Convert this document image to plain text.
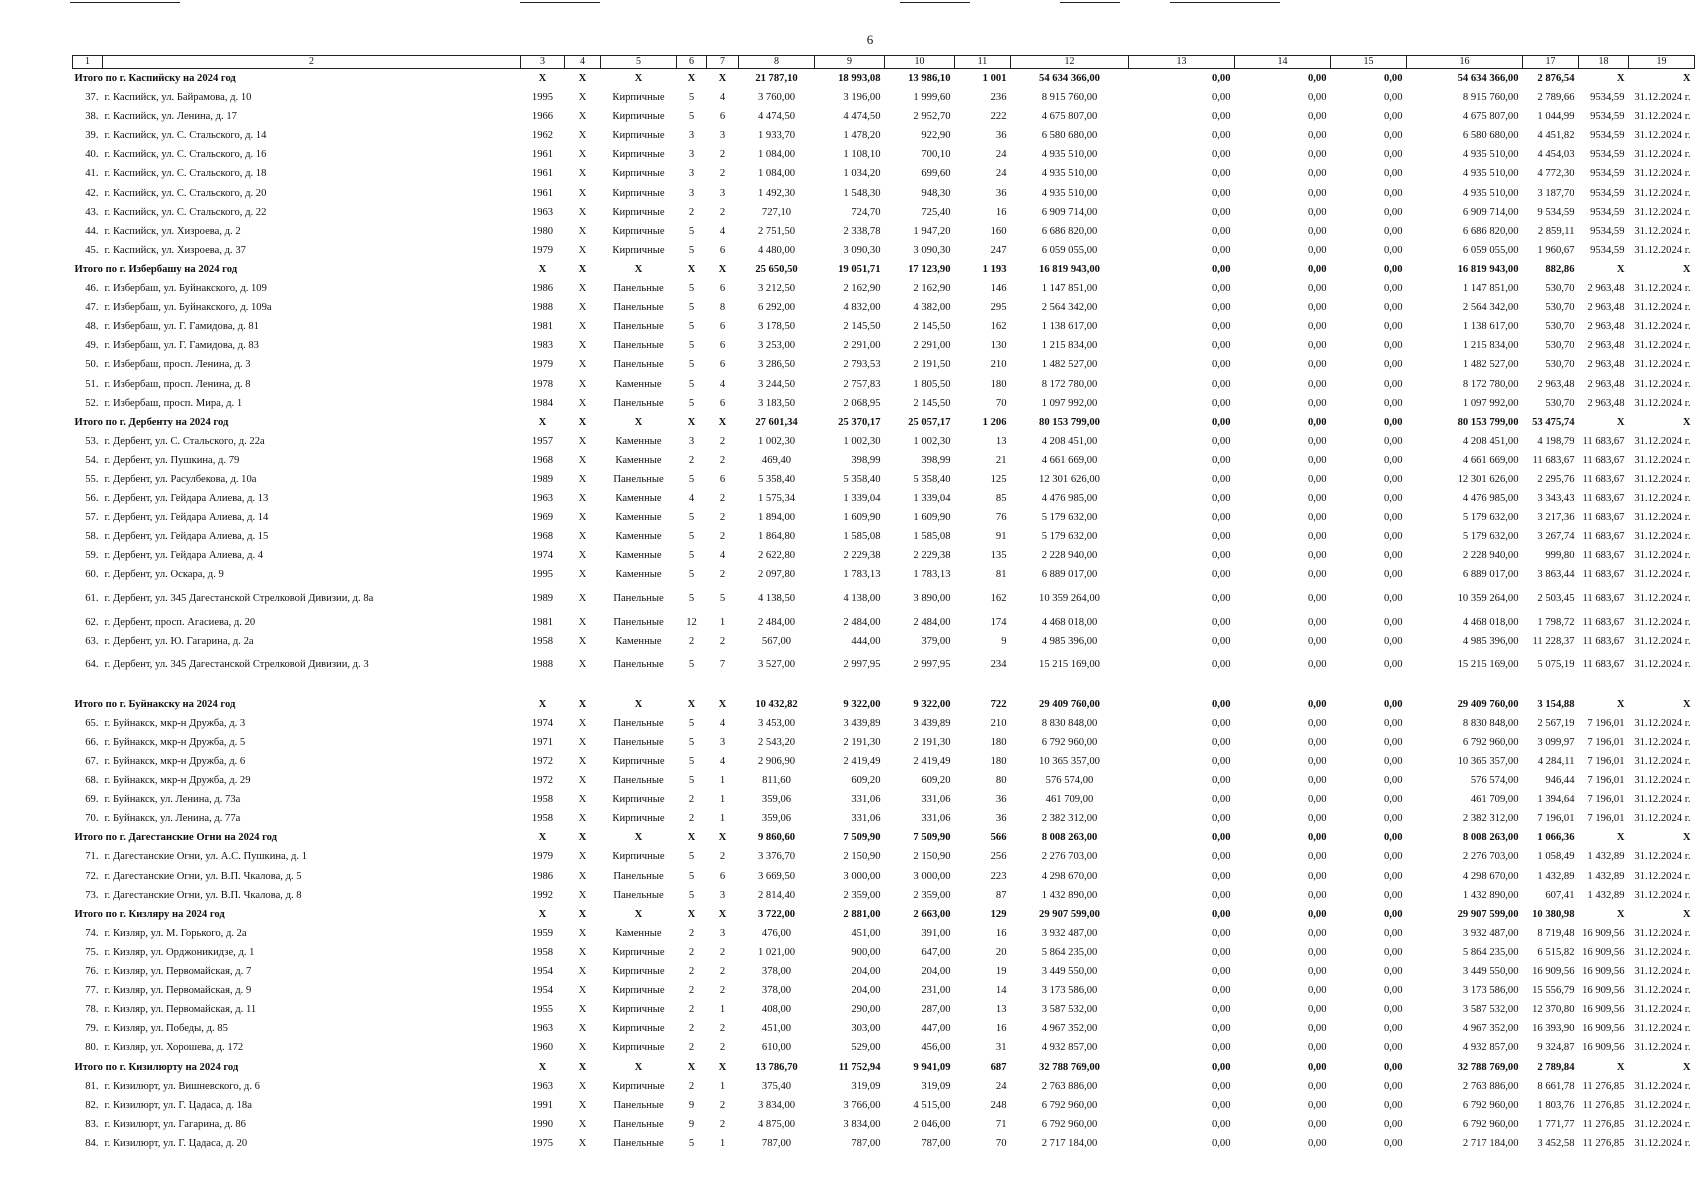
6
1	2	3	4	5	6	7	8	9	10	11	12	13	14	15	16	17	18	19
Итого по г. Каспийску на 2024 год		X	X	X	X	X	21 787,10	18 993,08	13 986,10	1 001	54 634 366,00	0,00	0,00	0,00	54 634 366,00	2 876,54	X	X
37.	г. Каспийск, ул. Байрамова, д. 10	1995	X	Кирпичные	5	4	3 760,00	3 196,00	1 999,60	236	8 915 760,00	0,00	0,00	0,00	8 915 760,00	2 789,66	9534,59	31.12.2024 г.
38.	г. Каспийск, ул. Ленина, д. 17	1966	X	Кирпичные	5	6	4 474,50	4 474,50	2 952,70	222	4 675 807,00	0,00	0,00	0,00	4 675 807,00	1 044,99	9534,59	31.12.2024 г.
39.	г. Каспийск, ул. С. Стальского, д. 14	1962	X	Кирпичные	3	3	1 933,70	1 478,20	922,90	36	6 580 680,00	0,00	0,00	0,00	6 580 680,00	4 451,82	9534,59	31.12.2024 г.
40.	г. Каспийск, ул. С. Стальского, д. 16	1961	X	Кирпичные	3	2	1 084,00	1 108,10	700,10	24	4 935 510,00	0,00	0,00	0,00	4 935 510,00	4 454,03	9534,59	31.12.2024 г.
41.	г. Каспийск, ул. С. Стальского, д. 18	1961	X	Кирпичные	3	2	1 084,00	1 034,20	699,60	24	4 935 510,00	0,00	0,00	0,00	4 935 510,00	4 772,30	9534,59	31.12.2024 г.
42.	г. Каспийск, ул. С. Стальского, д. 20	1961	X	Кирпичные	3	3	1 492,30	1 548,30	948,30	36	4 935 510,00	0,00	0,00	0,00	4 935 510,00	3 187,70	9534,59	31.12.2024 г.
43.	г. Каспийск, ул. С. Стальского, д. 22	1963	X	Кирпичные	2	2	727,10	724,70	725,40	16	6 909 714,00	0,00	0,00	0,00	6 909 714,00	9 534,59	9534,59	31.12.2024 г.
44.	г. Каспийск, ул. Хизроева, д. 2	1980	X	Кирпичные	5	4	2 751,50	2 338,78	1 947,20	160	6 686 820,00	0,00	0,00	0,00	6 686 820,00	2 859,11	9534,59	31.12.2024 г.
45.	г. Каспийск, ул. Хизроева, д. 37	1979	X	Кирпичные	5	6	4 480,00	3 090,30	3 090,30	247	6 059 055,00	0,00	0,00	0,00	6 059 055,00	1 960,67	9534,59	31.12.2024 г.
Итого по г. Избербашу на 2024 год		X	X	X	X	X	25 650,50	19 051,71	17 123,90	1 193	16 819 943,00	0,00	0,00	0,00	16 819 943,00	882,86	X	X
46.	г. Избербаш, ул. Буйнакского, д. 109	1986	X	Панельные	5	6	3 212,50	2 162,90	2 162,90	146	1 147 851,00	0,00	0,00	0,00	1 147 851,00	530,70	2 963,48	31.12.2024 г.
47.	г. Избербаш, ул. Буйнакского, д. 109а	1988	X	Панельные	5	8	6 292,00	4 832,00	4 382,00	295	2 564 342,00	0,00	0,00	0,00	2 564 342,00	530,70	2 963,48	31.12.2024 г.
48.	г. Избербаш, ул. Г. Гамидова, д. 81	1981	X	Панельные	5	6	3 178,50	2 145,50	2 145,50	162	1 138 617,00	0,00	0,00	0,00	1 138 617,00	530,70	2 963,48	31.12.2024 г.
49.	г. Избербаш, ул. Г. Гамидова, д. 83	1983	X	Панельные	5	6	3 253,00	2 291,00	2 291,00	130	1 215 834,00	0,00	0,00	0,00	1 215 834,00	530,70	2 963,48	31.12.2024 г.
50.	г. Избербаш, просп. Ленина, д. 3	1979	X	Панельные	5	6	3 286,50	2 793,53	2 191,50	210	1 482 527,00	0,00	0,00	0,00	1 482 527,00	530,70	2 963,48	31.12.2024 г.
51.	г. Избербаш, просп. Ленина, д. 8	1978	X	Каменные	5	4	3 244,50	2 757,83	1 805,50	180	8 172 780,00	0,00	0,00	0,00	8 172 780,00	2 963,48	2 963,48	31.12.2024 г.
52.	г. Избербаш, просп. Мира, д. 1	1984	X	Панельные	5	6	3 183,50	2 068,95	2 145,50	70	1 097 992,00	0,00	0,00	0,00	1 097 992,00	530,70	2 963,48	31.12.2024 г.
Итого по г. Дербенту на 2024 год		X	X	X	X	X	27 601,34	25 370,17	25 057,17	1 206	80 153 799,00	0,00	0,00	0,00	80 153 799,00	53 475,74	X	X
53.	г. Дербент, ул. С. Стальского, д. 22а	1957	X	Каменные	3	2	1 002,30	1 002,30	1 002,30	13	4 208 451,00	0,00	0,00	0,00	4 208 451,00	4 198,79	11 683,67	31.12.2024 г.
54.	г. Дербент, ул. Пушкина, д. 79	1968	X	Каменные	2	2	469,40	398,99	398,99	21	4 661 669,00	0,00	0,00	0,00	4 661 669,00	11 683,67	11 683,67	31.12.2024 г.
55.	г. Дербент, ул. Расулбекова, д. 10а	1989	X	Панельные	5	6	5 358,40	5 358,40	5 358,40	125	12 301 626,00	0,00	0,00	0,00	12 301 626,00	2 295,76	11 683,67	31.12.2024 г.
56.	г. Дербент, ул. Гейдара Алиева, д. 13	1963	X	Каменные	4	2	1 575,34	1 339,04	1 339,04	85	4 476 985,00	0,00	0,00	0,00	4 476 985,00	3 343,43	11 683,67	31.12.2024 г.
57.	г. Дербент, ул. Гейдара Алиева, д. 14	1969	X	Каменные	5	2	1 894,00	1 609,90	1 609,90	76	5 179 632,00	0,00	0,00	0,00	5 179 632,00	3 217,36	11 683,67	31.12.2024 г.
58.	г. Дербент, ул. Гейдара Алиева, д. 15	1968	X	Каменные	5	2	1 864,80	1 585,08	1 585,08	91	5 179 632,00	0,00	0,00	0,00	5 179 632,00	3 267,74	11 683,67	31.12.2024 г.
59.	г. Дербент, ул. Гейдара Алиева, д. 4	1974	X	Каменные	5	4	2 622,80	2 229,38	2 229,38	135	2 228 940,00	0,00	0,00	0,00	2 228 940,00	999,80	11 683,67	31.12.2024 г.
60.	г. Дербент, ул. Оскара, д. 9	1995	X	Каменные	5	2	2 097,80	1 783,13	1 783,13	81	6 889 017,00	0,00	0,00	0,00	6 889 017,00	3 863,44	11 683,67	31.12.2024 г.
61.	г. Дербент, ул. 345 Дагестанской Стрелковой Дивизии, д. 8а	1989	X	Панельные	5	5	4 138,50	4 138,00	3 890,00	162	10 359 264,00	0,00	0,00	0,00	10 359 264,00	2 503,45	11 683,67	31.12.2024 г.
62.	г. Дербент, просп. Агасиева, д. 20	1981	X	Панельные	12	1	2 484,00	2 484,00	2 484,00	174	4 468 018,00	0,00	0,00	0,00	4 468 018,00	1 798,72	11 683,67	31.12.2024 г.
63.	г. Дербент, ул. Ю. Гагарина, д. 2а	1958	X	Каменные	2	2	567,00	444,00	379,00	9	4 985 396,00	0,00	0,00	0,00	4 985 396,00	11 228,37	11 683,67	31.12.2024 г.
64.	г. Дербент, ул. 345 Дагестанской Стрелковой Дивизии, д. 3	1988	X	Панельные	5	7	3 527,00	2 997,95	2 997,95	234	15 215 169,00	0,00	0,00	0,00	15 215 169,00	5 075,19	11 683,67	31.12.2024 г.

Итого по г. Буйнакску на 2024 год		X	X	X	X	X	10 432,82	9 322,00	9 322,00	722	29 409 760,00	0,00	0,00	0,00	29 409 760,00	3 154,88	X	X
65.	г. Буйнакск, мкр-н Дружба, д. 3	1974	X	Панельные	5	4	3 453,00	3 439,89	3 439,89	210	8 830 848,00	0,00	0,00	0,00	8 830 848,00	2 567,19	7 196,01	31.12.2024 г.
66.	г. Буйнакск, мкр-н Дружба, д. 5	1971	X	Панельные	5	3	2 543,20	2 191,30	2 191,30	180	6 792 960,00	0,00	0,00	0,00	6 792 960,00	3 099,97	7 196,01	31.12.2024 г.
67.	г. Буйнакск, мкр-н Дружба, д. 6	1972	X	Кирпичные	5	4	2 906,90	2 419,49	2 419,49	180	10 365 357,00	0,00	0,00	0,00	10 365 357,00	4 284,11	7 196,01	31.12.2024 г.
68.	г. Буйнакск, мкр-н Дружба, д. 29	1972	X	Панельные	5	1	811,60	609,20	609,20	80	576 574,00	0,00	0,00	0,00	576 574,00	946,44	7 196,01	31.12.2024 г.
69.	г. Буйнакск, ул. Ленина, д. 73а	1958	X	Кирпичные	2	1	359,06	331,06	331,06	36	461 709,00	0,00	0,00	0,00	461 709,00	1 394,64	7 196,01	31.12.2024 г.
70.	г. Буйнакск, ул. Ленина, д. 77а	1958	X	Кирпичные	2	1	359,06	331,06	331,06	36	2 382 312,00	0,00	0,00	0,00	2 382 312,00	7 196,01	7 196,01	31.12.2024 г.
Итого по г. Дагестанские Огни на 2024 год		X	X	X	X	X	9 860,60	7 509,90	7 509,90	566	8 008 263,00	0,00	0,00	0,00	8 008 263,00	1 066,36	X	X
71.	г. Дагестанские Огни, ул. А.С. Пушкина, д. 1	1979	X	Кирпичные	5	2	3 376,70	2 150,90	2 150,90	256	2 276 703,00	0,00	0,00	0,00	2 276 703,00	1 058,49	1 432,89	31.12.2024 г.
72.	г. Дагестанские Огни, ул. В.П. Чкалова, д. 5	1986	X	Панельные	5	6	3 669,50	3 000,00	3 000,00	223	4 298 670,00	0,00	0,00	0,00	4 298 670,00	1 432,89	1 432,89	31.12.2024 г.
73.	г. Дагестанские Огни, ул. В.П. Чкалова, д. 8	1992	X	Панельные	5	3	2 814,40	2 359,00	2 359,00	87	1 432 890,00	0,00	0,00	0,00	1 432 890,00	607,41	1 432,89	31.12.2024 г.
Итого по г. Кизляру на 2024 год		X	X	X	X	X	3 722,00	2 881,00	2 663,00	129	29 907 599,00	0,00	0,00	0,00	29 907 599,00	10 380,98	X	X
74.	г. Кизляр, ул. М. Горького, д. 2а	1959	X	Каменные	2	3	476,00	451,00	391,00	16	3 932 487,00	0,00	0,00	0,00	3 932 487,00	8 719,48	16 909,56	31.12.2024 г.
75.	г. Кизляр, ул. Орджоникидзе, д. 1	1958	X	Кирпичные	2	2	1 021,00	900,00	647,00	20	5 864 235,00	0,00	0,00	0,00	5 864 235,00	6 515,82	16 909,56	31.12.2024 г.
76.	г. Кизляр, ул. Первомайская, д. 7	1954	X	Кирпичные	2	2	378,00	204,00	204,00	19	3 449 550,00	0,00	0,00	0,00	3 449 550,00	16 909,56	16 909,56	31.12.2024 г.
77.	г. Кизляр, ул. Первомайская, д. 9	1954	X	Кирпичные	2	2	378,00	204,00	231,00	14	3 173 586,00	0,00	0,00	0,00	3 173 586,00	15 556,79	16 909,56	31.12.2024 г.
78.	г. Кизляр, ул. Первомайская, д. 11	1955	X	Кирпичные	2	1	408,00	290,00	287,00	13	3 587 532,00	0,00	0,00	0,00	3 587 532,00	12 370,80	16 909,56	31.12.2024 г.
79.	г. Кизляр, ул. Победы, д. 85	1963	X	Кирпичные	2	2	451,00	303,00	447,00	16	4 967 352,00	0,00	0,00	0,00	4 967 352,00	16 393,90	16 909,56	31.12.2024 г.
80.	г. Кизляр, ул. Хорошева, д. 172	1960	X	Кирпичные	2	2	610,00	529,00	456,00	31	4 932 857,00	0,00	0,00	0,00	4 932 857,00	9 324,87	16 909,56	31.12.2024 г.
Итого по г. Кизилюрту на 2024 год		X	X	X	X	X	13 786,70	11 752,94	9 941,09	687	32 788 769,00	0,00	0,00	0,00	32 788 769,00	2 789,84	X	X
81.	г. Кизилюрт, ул. Вишневского, д. 6	1963	X	Кирпичные	2	1	375,40	319,09	319,09	24	2 763 886,00	0,00	0,00	0,00	2 763 886,00	8 661,78	11 276,85	31.12.2024 г.
82.	г. Кизилюрт, ул. Г. Цадаса, д. 18а	1991	X	Панельные	9	2	3 834,00	3 766,00	4 515,00	248	6 792 960,00	0,00	0,00	0,00	6 792 960,00	1 803,76	11 276,85	31.12.2024 г.
83.	г. Кизилюрт, ул. Гагарина, д. 86	1990	X	Панельные	9	2	4 875,00	3 834,00	2 046,00	71	6 792 960,00	0,00	0,00	0,00	6 792 960,00	1 771,77	11 276,85	31.12.2024 г.
84.	г. Кизилюрт, ул. Г. Цадаса, д. 20	1975	X	Панельные	5	1	787,00	787,00	787,00	70	2 717 184,00	0,00	0,00	0,00	2 717 184,00	3 452,58	11 276,85	31.12.2024 г.
